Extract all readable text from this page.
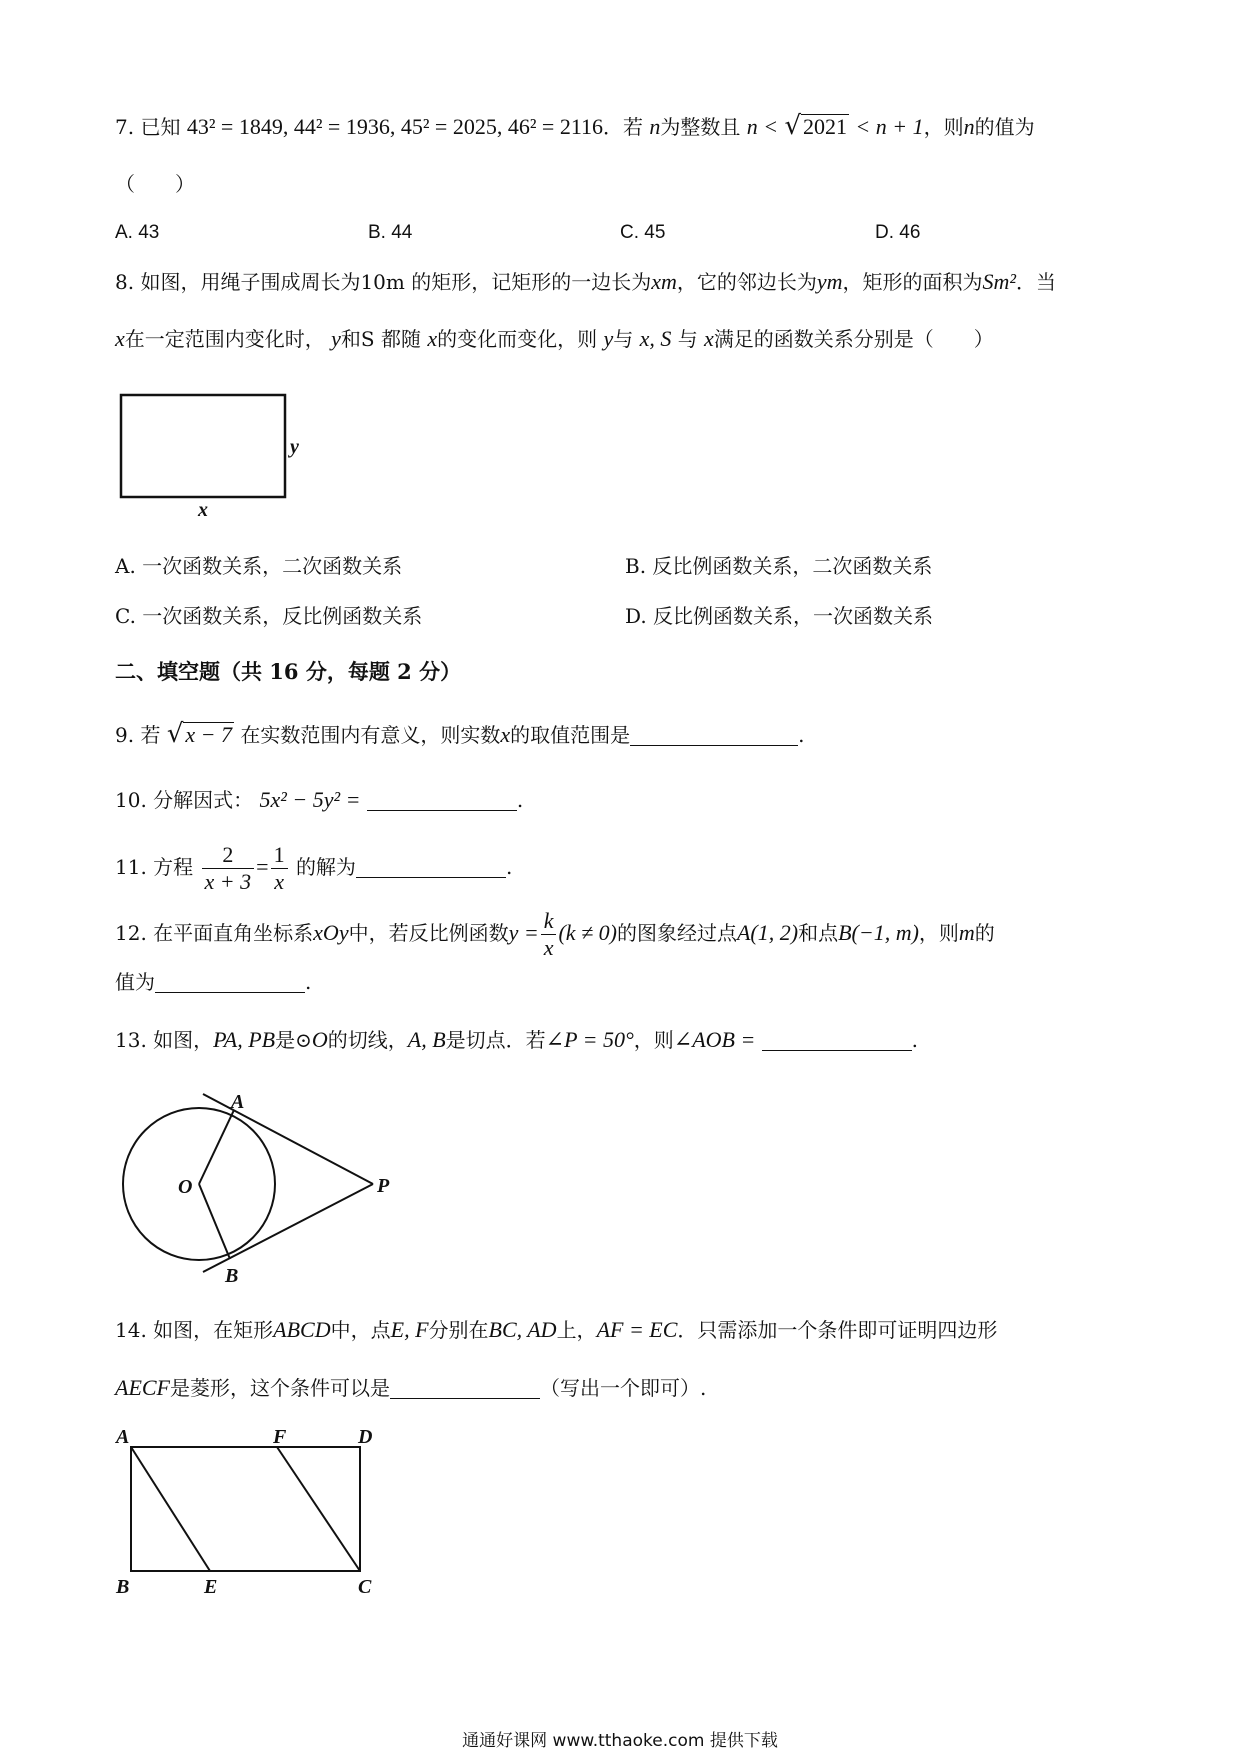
7. 已知 43² = 1849, 44² = 1936, 45² = 2025, 46² = 2116．若 n为整数且 n < √2021 < n + 1，则n的值为
（　　）
A. 43	B. 44	C. 45	D. 46
8. 如图，用绳子围成周长为10m 的矩形，记矩形的一边长为xm，它的邻边长为ym，矩形的面积为Sm²．当
x在一定范围内变化时， y和S 都随 x的变化而变化，则 y与 x, S 与 x满足的函数关系分别是（　　）
x
y
A. 一次函数关系，二次函数关系	B. 反比例函数关系，二次函数关系
C. 一次函数关系，反比例函数关系	D. 反比例函数关系，一次函数关系
二、填空题（共 16 分，每题 2 分）
9. 若 √x − 7 在实数范围内有意义，则实数x的取值范围是	.
10. 分解因式： 5x² − 5y² =	.
11. 方程 $\frac{2}{x + 3} = \frac{1}{x}$ 的解为	.
12. 在平面直角坐标系xOy中，若反比例函数$y = \frac{k}{x} (k \ne 0)$的图象经过点A(1, 2)和点B(−1, m)，则m的
值为	.
13. 如图，PA, PB是⊙O的切线，A, B是切点．若∠P = 50°，则∠AOB =	.
A
O	P
B
14. 如图，在矩形ABCD中，点E, F分别在BC, AD上，AF = EC．只需添加一个条件即可证明四边形
AECF是菱形，这个条件可以是	（写出一个即可）.
A	F	D
B	E	C
通通好课网 www.tthaoke.com 提供下载
